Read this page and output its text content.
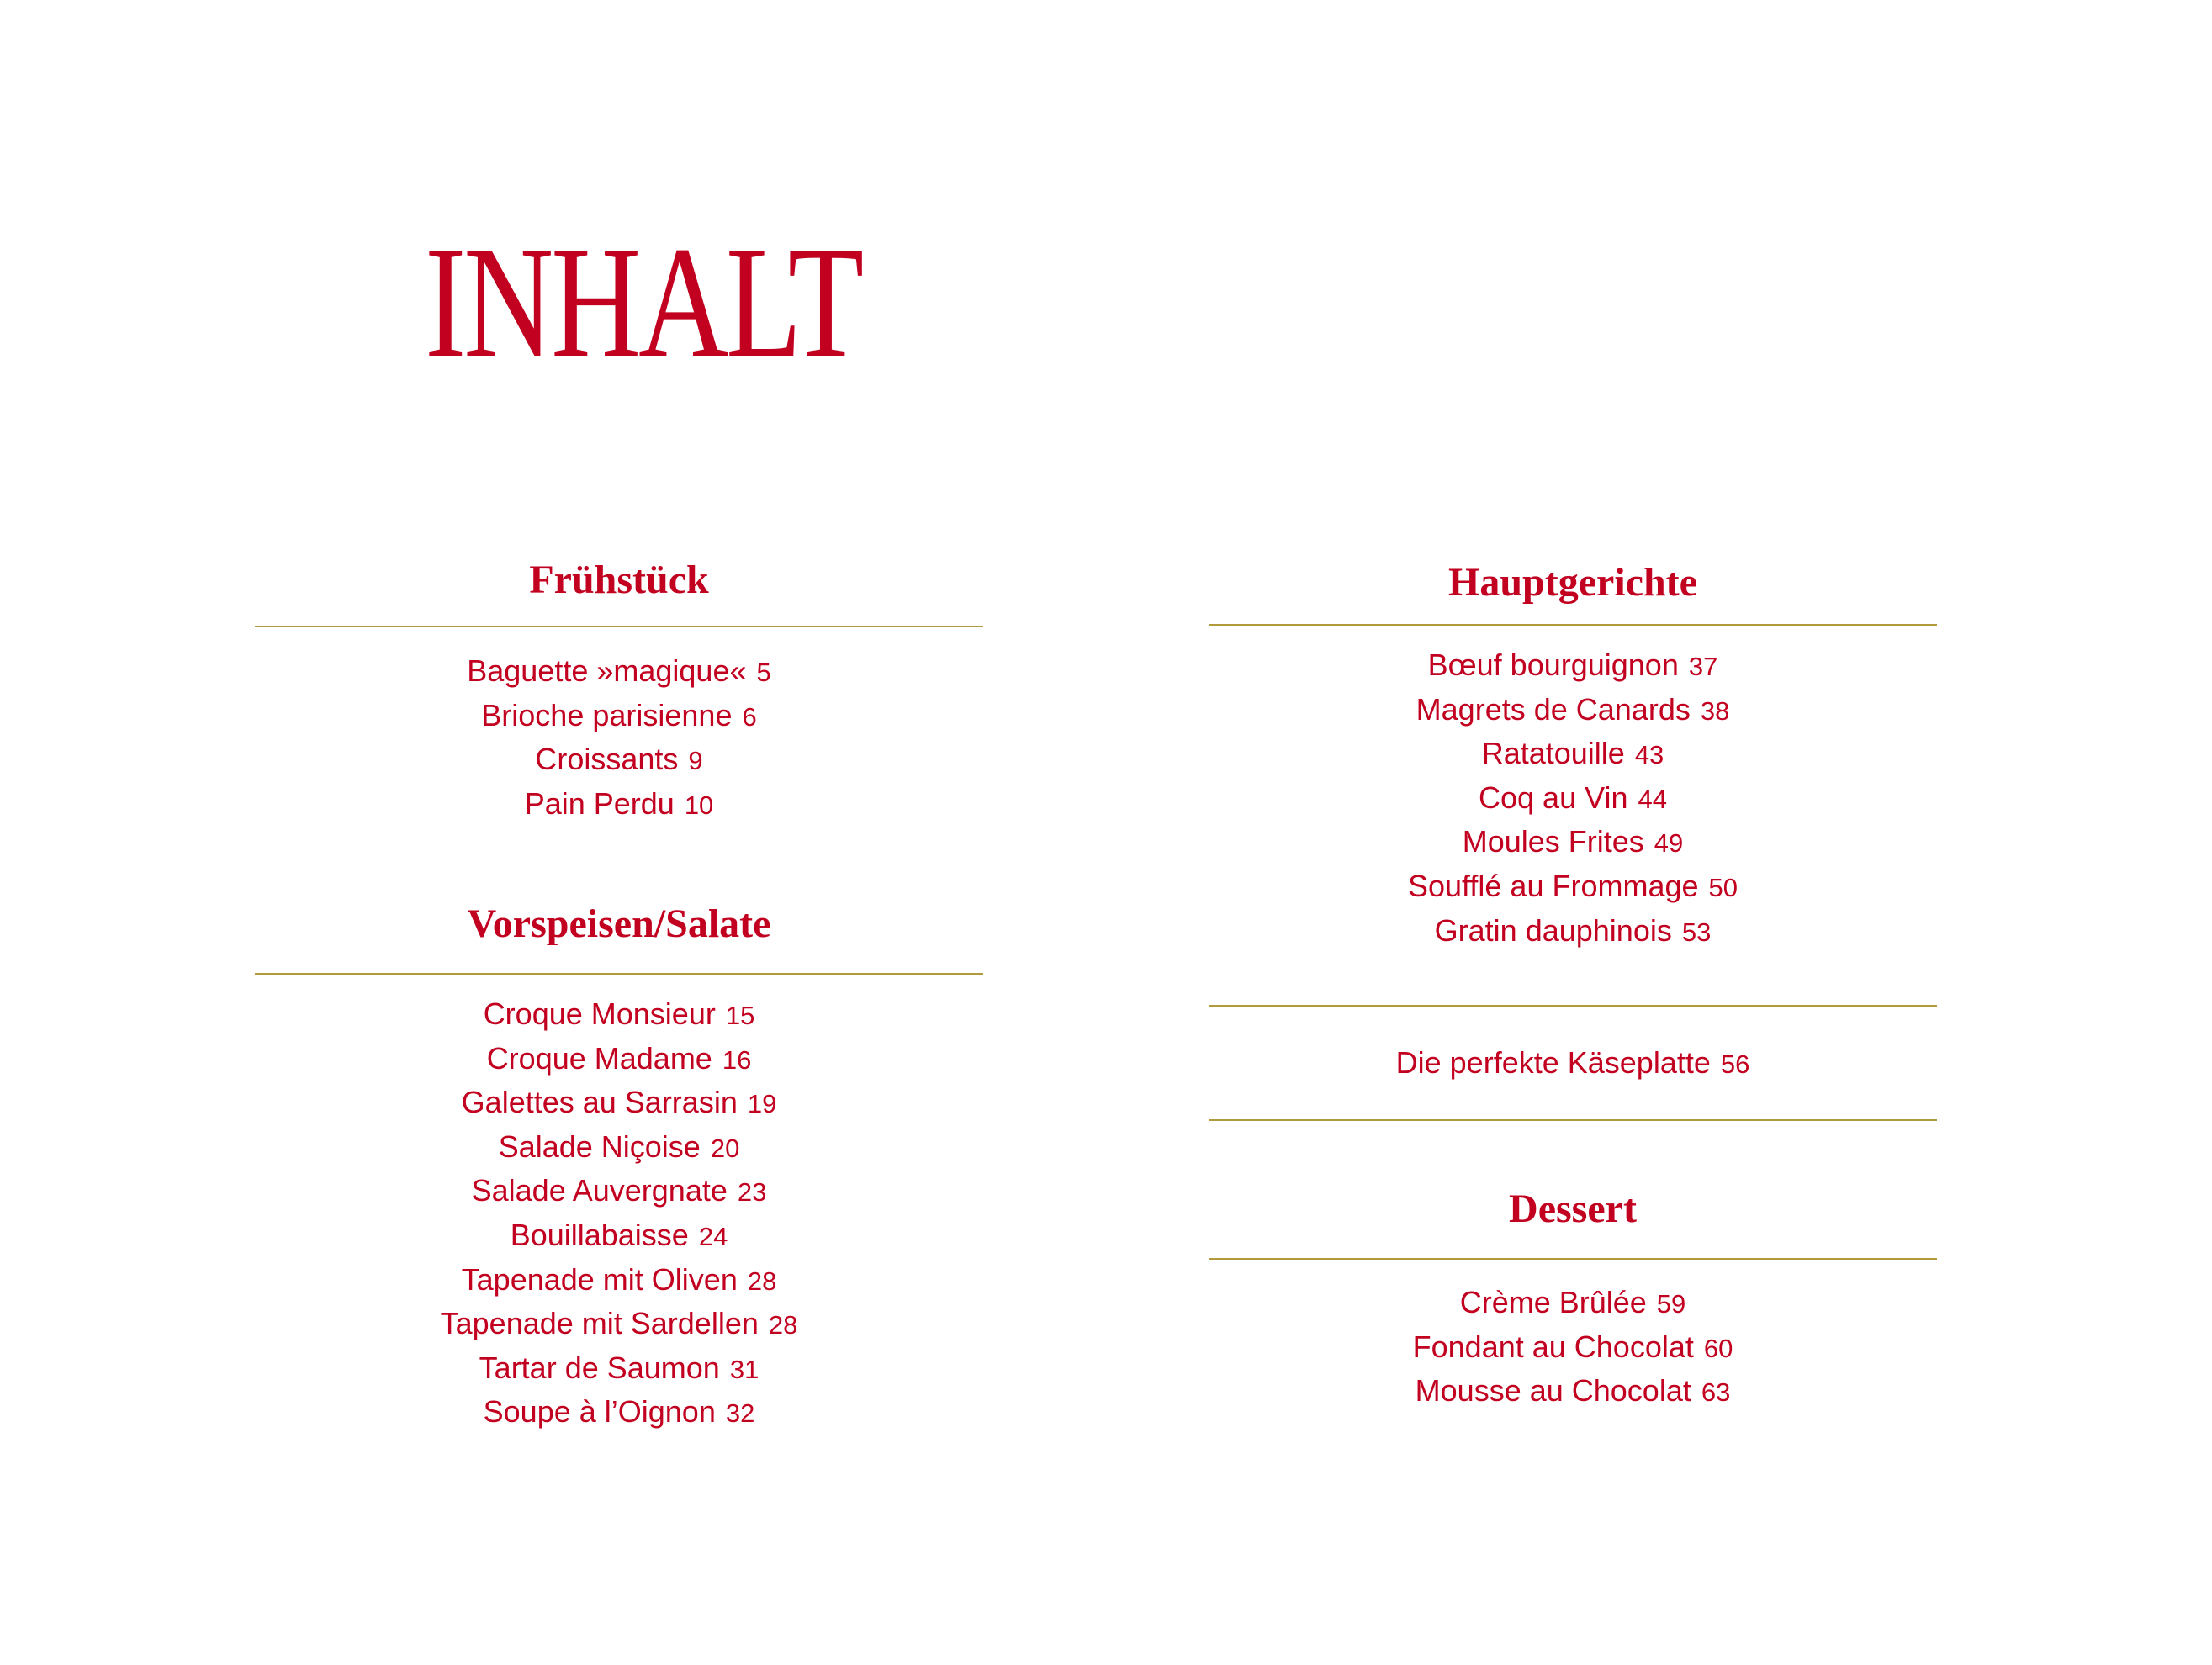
INHALT
Frühstück
Baguette »magique« 5
Brioche parisienne 6
Croissants 9
Pain Perdu 10
Vorspeisen/Salate
Croque Monsieur 15
Croque Madame 16
Galettes au Sarrasin 19
Salade Niçoise 20
Salade Auvergnate 23
Bouillabaisse 24
Tapenade mit Oliven 28
Tapenade mit Sardellen 28
Tartar de Saumon 31
Soupe à l’Oignon 32
Hauptgerichte
Bœuf bourguignon 37
Magrets de Canards 38
Ratatouille 43
Coq au Vin 44
Moules Frites 49
Soufflé au Frommage 50
Gratin dauphinois 53
Die perfekte Käseplatte 56
Dessert
Crème Brûlée 59
Fondant au Chocolat 60
Mousse au Chocolat 63
